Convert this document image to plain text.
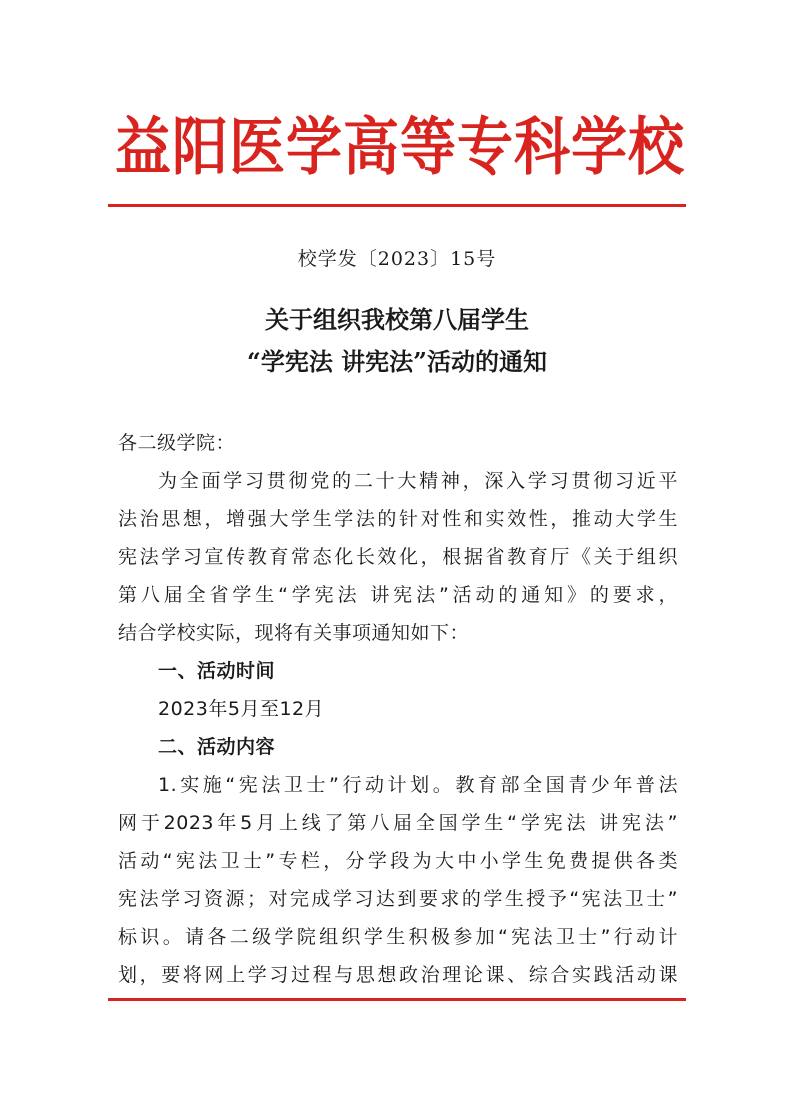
益阳医学高等专科学校
校学发〔2023〕15号
关于组织我校第八届学生
“学宪法 讲宪法”活动的通知
各二级学院：
为全面学习贯彻党的二十大精神，深入学习贯彻习近平
法治思想，增强大学生学法的针对性和实效性，推动大学生
宪法学习宣传教育常态化长效化，根据省教育厅《关于组织
第八届全省学生“学宪法 讲宪法”活动的通知》的要求，
结合学校实际，现将有关事项通知如下：
一、活动时间
2023年5月至12月
二、活动内容
1.实施“宪法卫士”行动计划。教育部全国青少年普法
网于2023年5月上线了第八届全国学生“学宪法 讲宪法”
活动“宪法卫士”专栏，分学段为大中小学生免费提供各类
宪法学习资源；对完成学习达到要求的学生授予“宪法卫士”
标识。请各二级学院组织学生积极参加“宪法卫士”行动计
划，要将网上学习过程与思想政治理论课、综合实践活动课
